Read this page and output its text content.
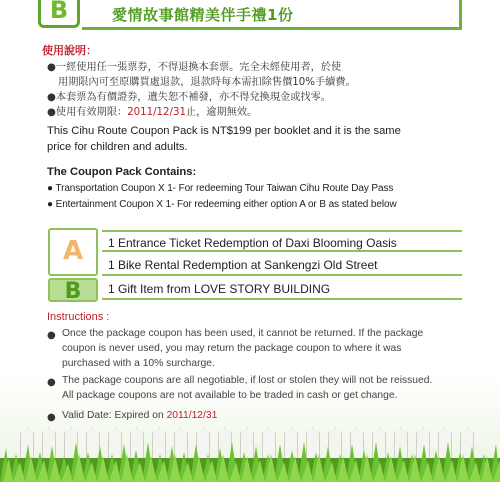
B	愛情故事館精美伴手禮1份
使用說明：
●一經使用任一張票券，不得退換本套票。完全未經使用者，於使
用期限內可至原購買處退款，退款時每本需扣除售價10%手續費。
●本套票為有價證券，遺失恕不補發，亦不得兌換現金或找零。
●使用有效期限：2011/12/31止，逾期無效。
This Cihu Route Coupon Pack is NT$199 per booklet and it is the same
price for children and adults.
The Coupon Pack Contains:
● Transportation Coupon X 1- For redeeming Tour Taiwan Cihu Route Day Pass
● Entertainment Coupon X 1- For redeeming either option A or B as stated below
A
B
1 Entrance Ticket Redemption of Daxi Blooming Oasis
1 Bike Rental Redemption at Sankengzi Old Street
1 Gift Item from LOVE STORY BUILDING
Instructions :
● Once the package coupon has been used, it cannot be returned. If the package
coupon is never used, you may return the package coupon to where it was
purchased with a 10% surcharge.
● The package coupons are all negotiable, if lost or stolen they will not be reissued.
All package coupons are not available to be traded in cash or get change.
● Valid Date: Expired on 2011/12/31
